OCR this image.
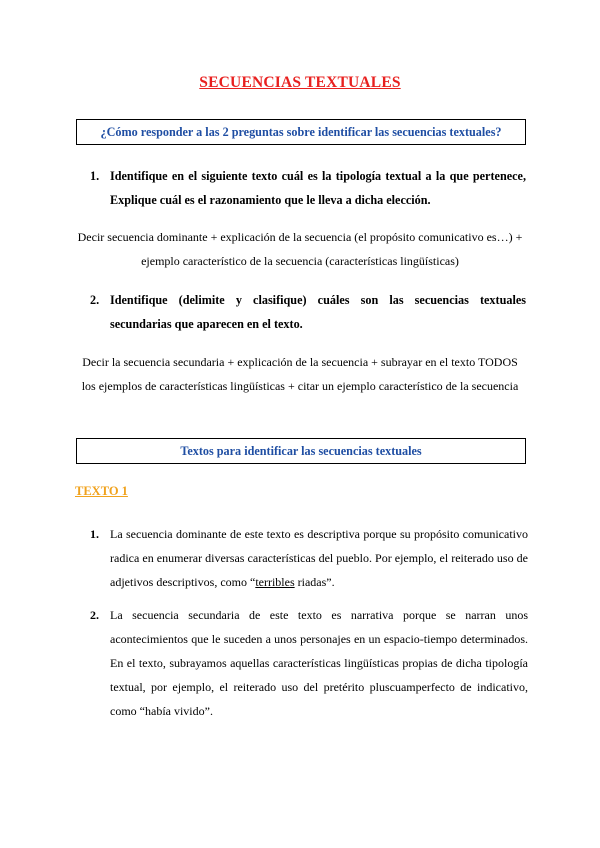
SECUENCIAS TEXTUALES
¿Cómo responder a las 2 preguntas sobre identificar las secuencias textuales?
1. Identifique en el siguiente texto cuál es la tipología textual a la que pertenece, Explique cuál es el razonamiento que le lleva a dicha elección.

Decir secuencia dominante + explicación de la secuencia (el propósito comunicativo es…) +
ejemplo característico de la secuencia (características lingüísticas)
2. Identifique (delimite y clasifique) cuáles son las secuencias textuales secundarias que aparecen en el texto.

Decir la secuencia secundaria + explicación de la secuencia + subrayar en el texto TODOS
los ejemplos de características lingüísticas + citar un ejemplo característico de la secuencia
Textos para identificar las secuencias textuales
TEXTO 1
1. La secuencia dominante de este texto es descriptiva porque su propósito comunicativo radica en enumerar diversas características del pueblo. Por ejemplo, el reiterado uso de adjetivos descriptivos, como “terribles riadas”.

2. La secuencia secundaria de este texto es narrativa porque se narran unos acontecimientos que le suceden a unos personajes en un espacio-tiempo determinados. En el texto, subrayamos aquellas características lingüísticas propias de dicha tipología textual, por ejemplo, el reiterado uso del pretérito pluscuamperfecto de indicativo, como “había vivido”.
